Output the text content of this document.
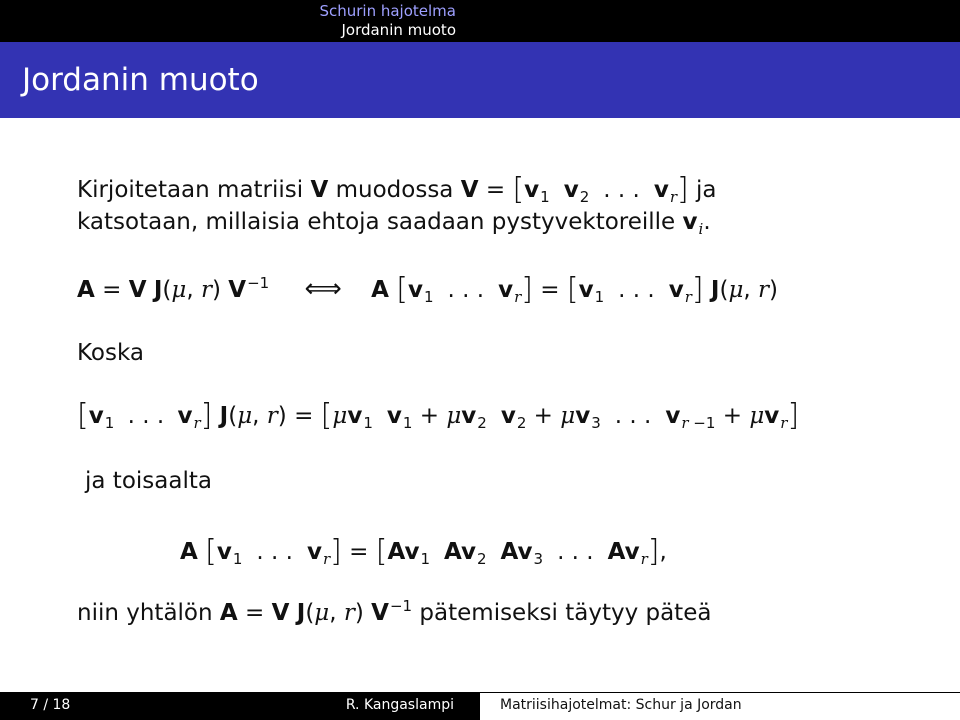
Schurin hajotelma
Jordanin muoto
Jordanin muoto
Kirjoitetaan matriisi V muodossa $V = [v_1$ $v_2$ . . . $v_r$] ja
katsotaan, millaisia ehtoja saadaan pystyvektoreille $v_i$.
A = V J(μ, r) $V^{-1}$ ⟺ A [$v_1$ . . . $v_r] = [v_1$ . . . $v_r$] J(μ, r)
Koska
[$v_1$ . . . $v_r$] J(μ, $r) = [\mu v_1$ $v_1 + \mu v_2$ $v_2 + \mu v_3$ . . . $v_{r -1} + \mu v_r$]
ja toisaalta
A [$v_1$ . . . $v_r] = [Av_1$ $Av_2$ $Av_3$ . . . $Av_r$],
niin yhtälön A = V J(μ, r) $V^{-1}$ pätemiseksi täytyy päteä
7 / 18	R. Kangaslampi	Matriisihajotelmat: Schur ja Jordan
